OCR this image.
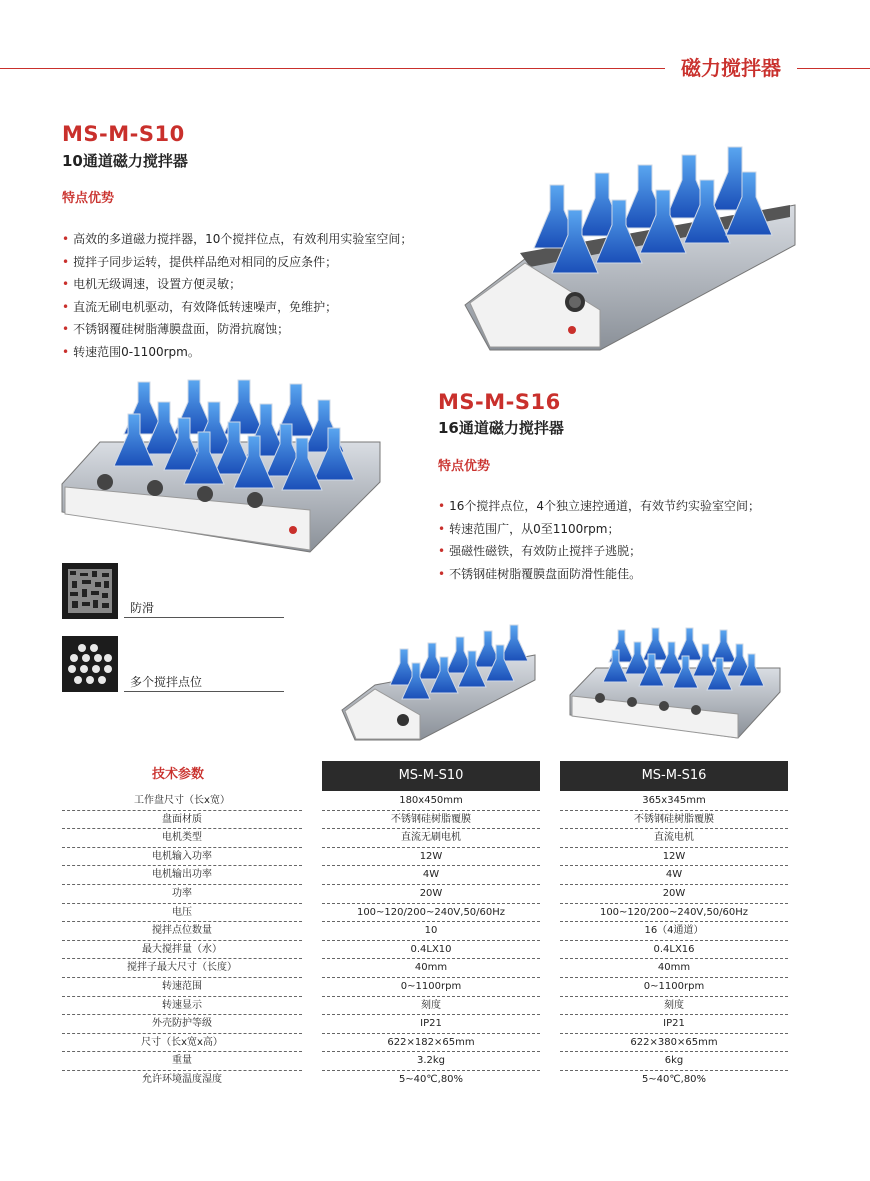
磁力搅拌器
MS-M-S10
10通道磁力搅拌器
特点优势
• 高效的多道磁力搅拌器，10个搅拌位点，有效利用实验室空间；
• 搅拌子同步运转，提供样品绝对相同的反应条件；
• 电机无级调速，设置方便灵敏；
• 直流无刷电机驱动，有效降低转速噪声，免维护；
• 不锈钢覆硅树脂薄膜盘面，防滑抗腐蚀；
• 转速范围0-1100rpm。
MS-M-S16
16通道磁力搅拌器
特点优势
• 16个搅拌点位，4个独立速控通道，有效节约实验室空间；
• 转速范围广，从0至1100rpm；
• 强磁性磁铁，有效防止搅拌子逃脱；
• 不锈钢硅树脂覆膜盘面防滑性能佳。
防滑
多个搅拌点位
技术参数	MS-M-S10	MS-M-S16
工作盘尺寸（长x宽）	180x450mm	365x345mm
盘面材质	不锈钢硅树脂覆膜	不锈钢硅树脂覆膜
电机类型	直流无刷电机	直流电机
电机输入功率	12W	12W
电机输出功率	4W	4W
功率	20W	20W
电压	100~120/200~240V,50/60Hz	100~120/200~240V,50/60Hz
搅拌点位数量	10	16（4通道）
最大搅拌量（水）	0.4LX10	0.4LX16
搅拌子最大尺寸（长度）	40mm	40mm
转速范围	0~1100rpm	0~1100rpm
转速显示	刻度	刻度
外壳防护等级	IP21	IP21
尺寸（长x宽x高）	622×182×65mm	622×380×65mm
重量	3.2kg	6kg
允许环境温度湿度	5~40℃,80%	5~40℃,80%
